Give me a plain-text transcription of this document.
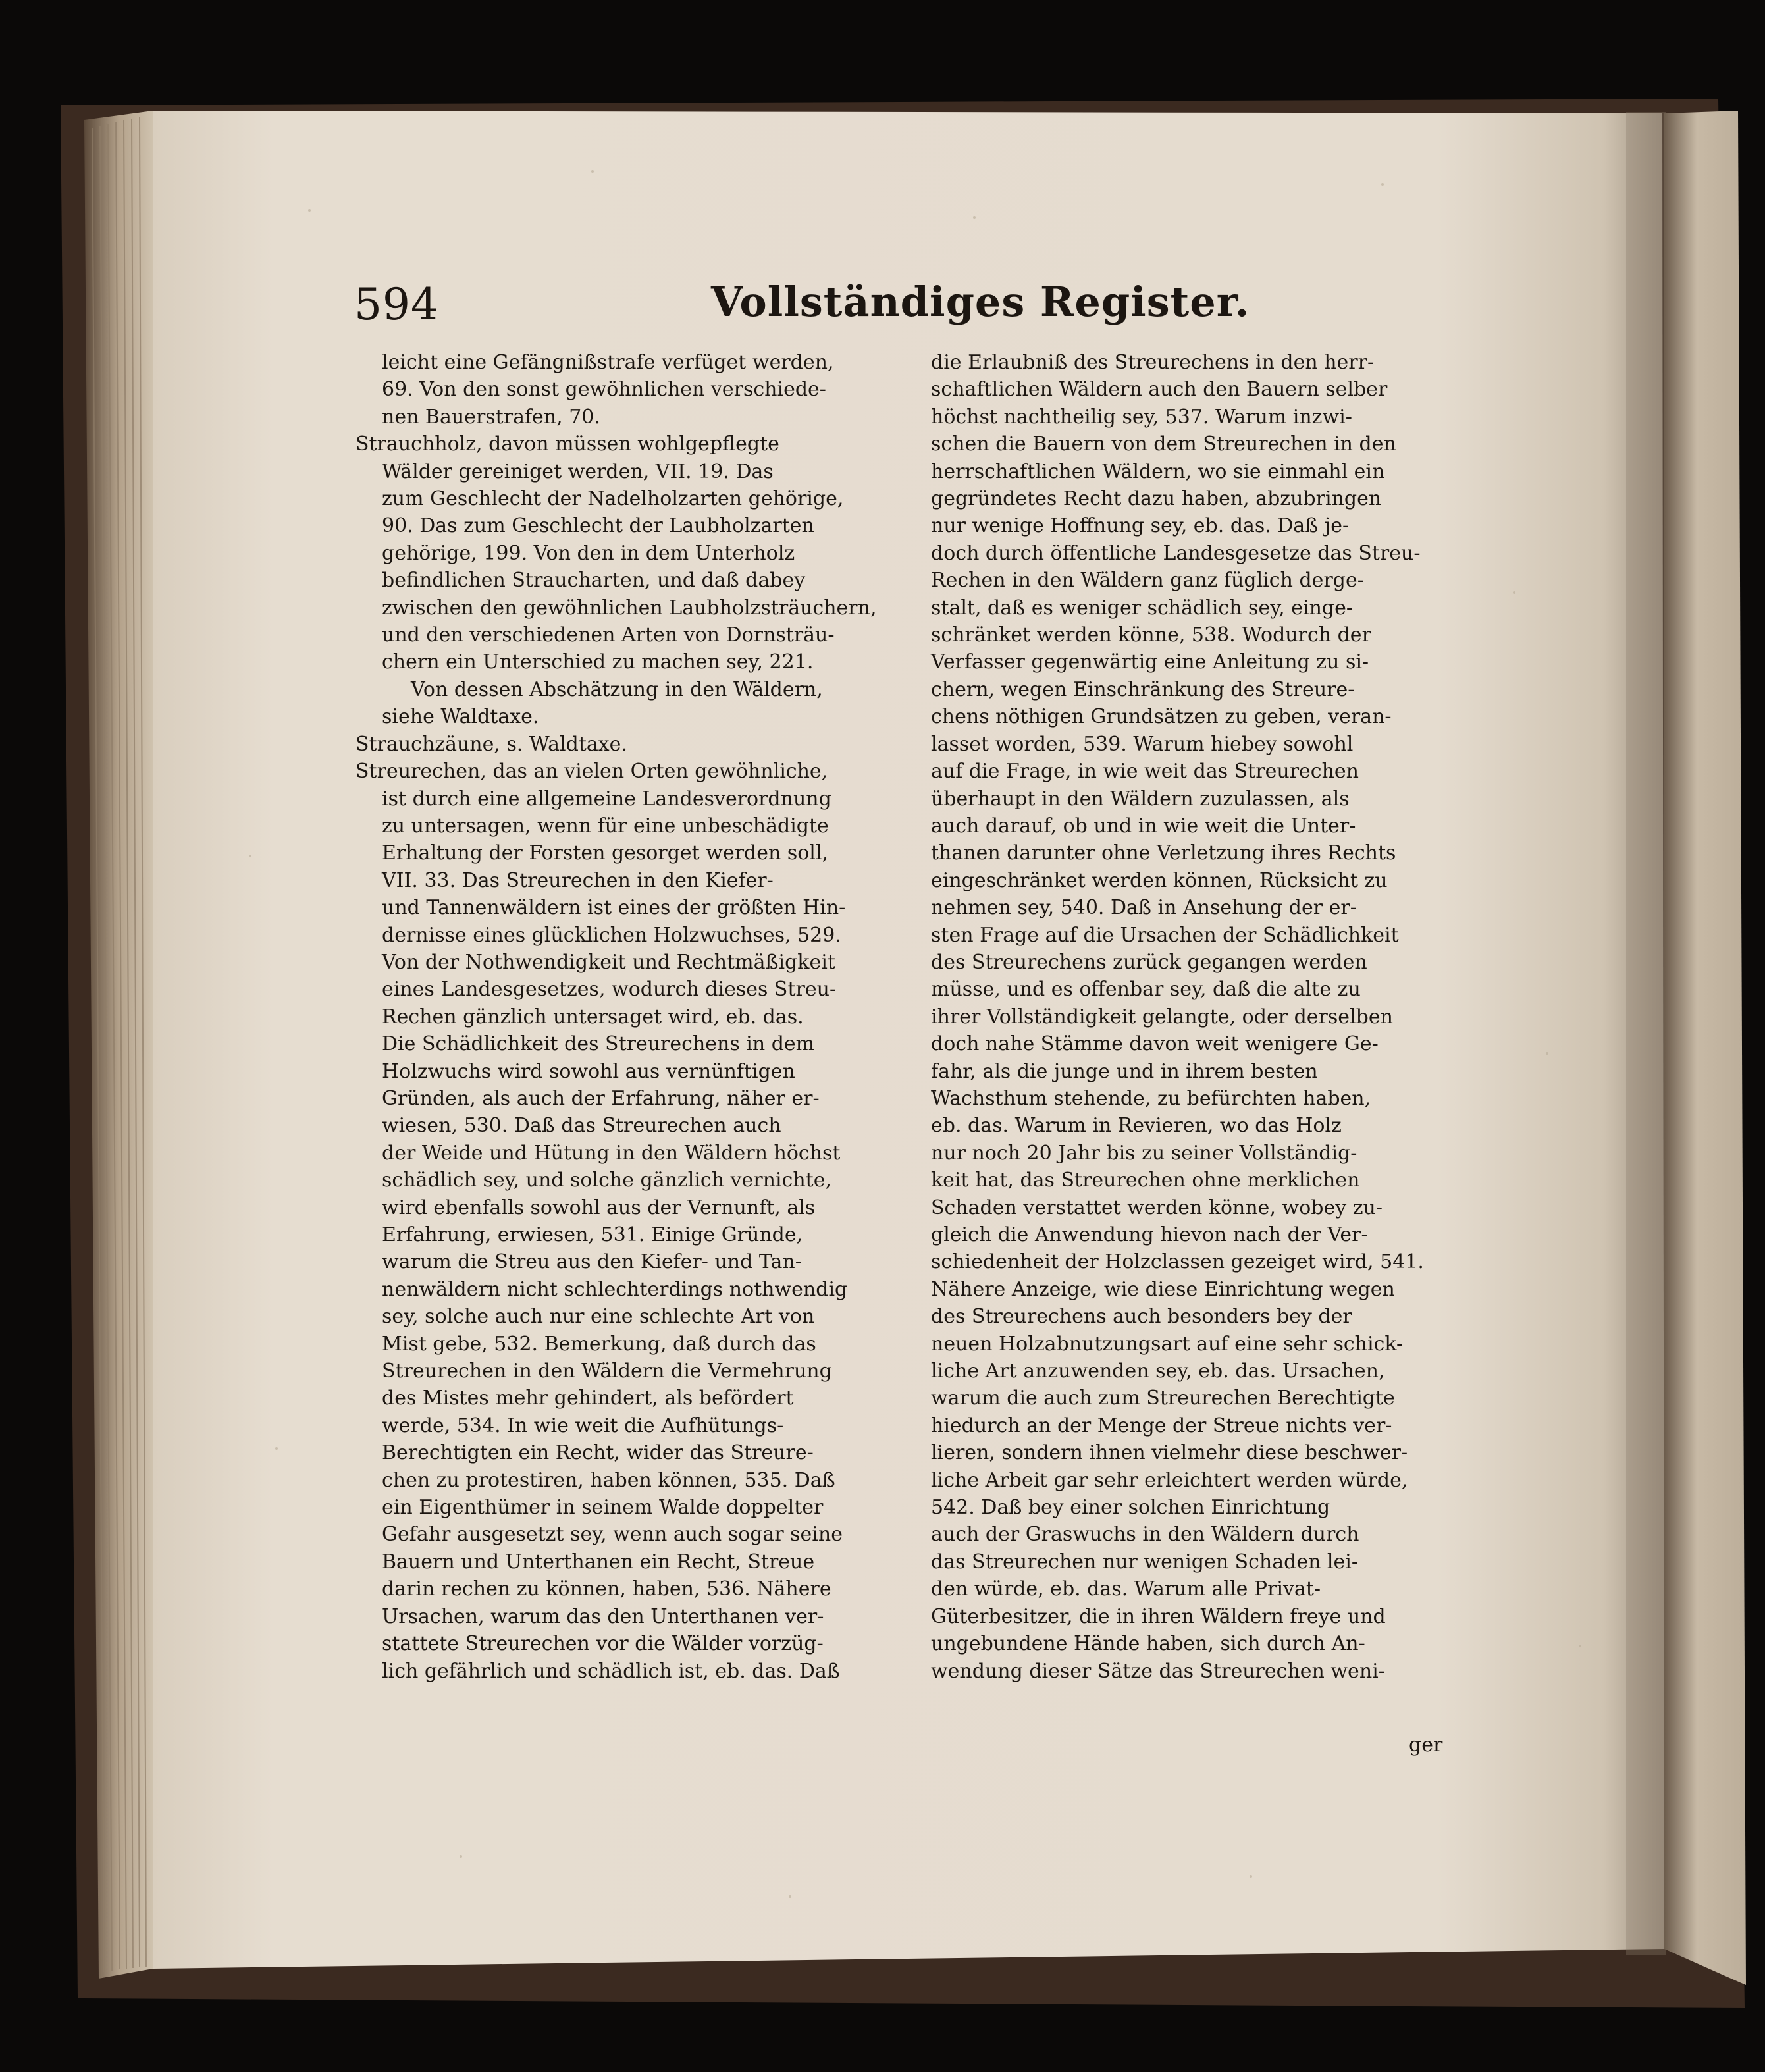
594	Vollständiges Register.
leicht eine Gefängnißstrafe verfüget werden,
69. Von den sonst gewöhnlichen verschiede-
nen Bauerstrafen, 70.
Strauchholz, davon müssen wohlgepflegte
Wälder gereiniget werden, VII. 19. Das
zum Geschlecht der Nadelholzarten gehörige,
90. Das zum Geschlecht der Laubholzarten
gehörige, 199. Von den in dem Unterholz
befindlichen Straucharten, und daß dabey
zwischen den gewöhnlichen Laubholzsträuchern,
und den verschiedenen Arten von Dornsträu-
chern ein Unterschied zu machen sey, 221.
Von dessen Abschätzung in den Wäldern,
siehe Waldtaxe.
Strauchzäune, s. Waldtaxe.
Streurechen, das an vielen Orten gewöhnliche,
ist durch eine allgemeine Landesverordnung
zu untersagen, wenn für eine unbeschädigte
Erhaltung der Forsten gesorget werden soll,
VII. 33. Das Streurechen in den Kiefer-
und Tannenwäldern ist eines der größten Hin-
dernisse eines glücklichen Holzwuchses, 529.
Von der Nothwendigkeit und Rechtmäßigkeit
eines Landesgesetzes, wodurch dieses Streu-
Rechen gänzlich untersaget wird, eb. das.
Die Schädlichkeit des Streurechens in dem
Holzwuchs wird sowohl aus vernünftigen
Gründen, als auch der Erfahrung, näher er-
wiesen, 530. Daß das Streurechen auch
der Weide und Hütung in den Wäldern höchst
schädlich sey, und solche gänzlich vernichte,
wird ebenfalls sowohl aus der Vernunft, als
Erfahrung, erwiesen, 531. Einige Gründe,
warum die Streu aus den Kiefer- und Tan-
nenwäldern nicht schlechterdings nothwendig
sey, solche auch nur eine schlechte Art von
Mist gebe, 532. Bemerkung, daß durch das
Streurechen in den Wäldern die Vermehrung
des Mistes mehr gehindert, als befördert
werde, 534. In wie weit die Aufhütungs-
Berechtigten ein Recht, wider das Streure-
chen zu protestiren, haben können, 535. Daß
ein Eigenthümer in seinem Walde doppelter
Gefahr ausgesetzt sey, wenn auch sogar seine
Bauern und Unterthanen ein Recht, Streue
darin rechen zu können, haben, 536. Nähere
Ursachen, warum das den Unterthanen ver-
stattete Streurechen vor die Wälder vorzüg-
lich gefährlich und schädlich ist, eb. das. Daß
die Erlaubniß des Streurechens in den herr-
schaftlichen Wäldern auch den Bauern selber
höchst nachtheilig sey, 537. Warum inzwi-
schen die Bauern von dem Streurechen in den
herrschaftlichen Wäldern, wo sie einmahl ein
gegründetes Recht dazu haben, abzubringen
nur wenige Hoffnung sey, eb. das. Daß je-
doch durch öffentliche Landesgesetze das Streu-
Rechen in den Wäldern ganz füglich derge-
stalt, daß es weniger schädlich sey, einge-
schränket werden könne, 538. Wodurch der
Verfasser gegenwärtig eine Anleitung zu si-
chern, wegen Einschränkung des Streure-
chens nöthigen Grundsätzen zu geben, veran-
lasset worden, 539. Warum hiebey sowohl
auf die Frage, in wie weit das Streurechen
überhaupt in den Wäldern zuzulassen, als
auch darauf, ob und in wie weit die Unter-
thanen darunter ohne Verletzung ihres Rechts
eingeschränket werden können, Rücksicht zu
nehmen sey, 540. Daß in Ansehung der er-
sten Frage auf die Ursachen der Schädlichkeit
des Streurechens zurück gegangen werden
müsse, und es offenbar sey, daß die alte zu
ihrer Vollständigkeit gelangte, oder derselben
doch nahe Stämme davon weit wenigere Ge-
fahr, als die junge und in ihrem besten
Wachsthum stehende, zu befürchten haben,
eb. das. Warum in Revieren, wo das Holz
nur noch 20 Jahr bis zu seiner Vollständig-
keit hat, das Streurechen ohne merklichen
Schaden verstattet werden könne, wobey zu-
gleich die Anwendung hievon nach der Ver-
schiedenheit der Holzclassen gezeiget wird, 541.
Nähere Anzeige, wie diese Einrichtung wegen
des Streurechens auch besonders bey der
neuen Holzabnutzungsart auf eine sehr schick-
liche Art anzuwenden sey, eb. das. Ursachen,
warum die auch zum Streurechen Berechtigte
hiedurch an der Menge der Streue nichts ver-
lieren, sondern ihnen vielmehr diese beschwer-
liche Arbeit gar sehr erleichtert werden würde,
542. Daß bey einer solchen Einrichtung
auch der Graswuchs in den Wäldern durch
das Streurechen nur wenigen Schaden lei-
den würde, eb. das. Warum alle Privat-
Güterbesitzer, die in ihren Wäldern freye und
ungebundene Hände haben, sich durch An-
wendung dieser Sätze das Streurechen weni-
ger
